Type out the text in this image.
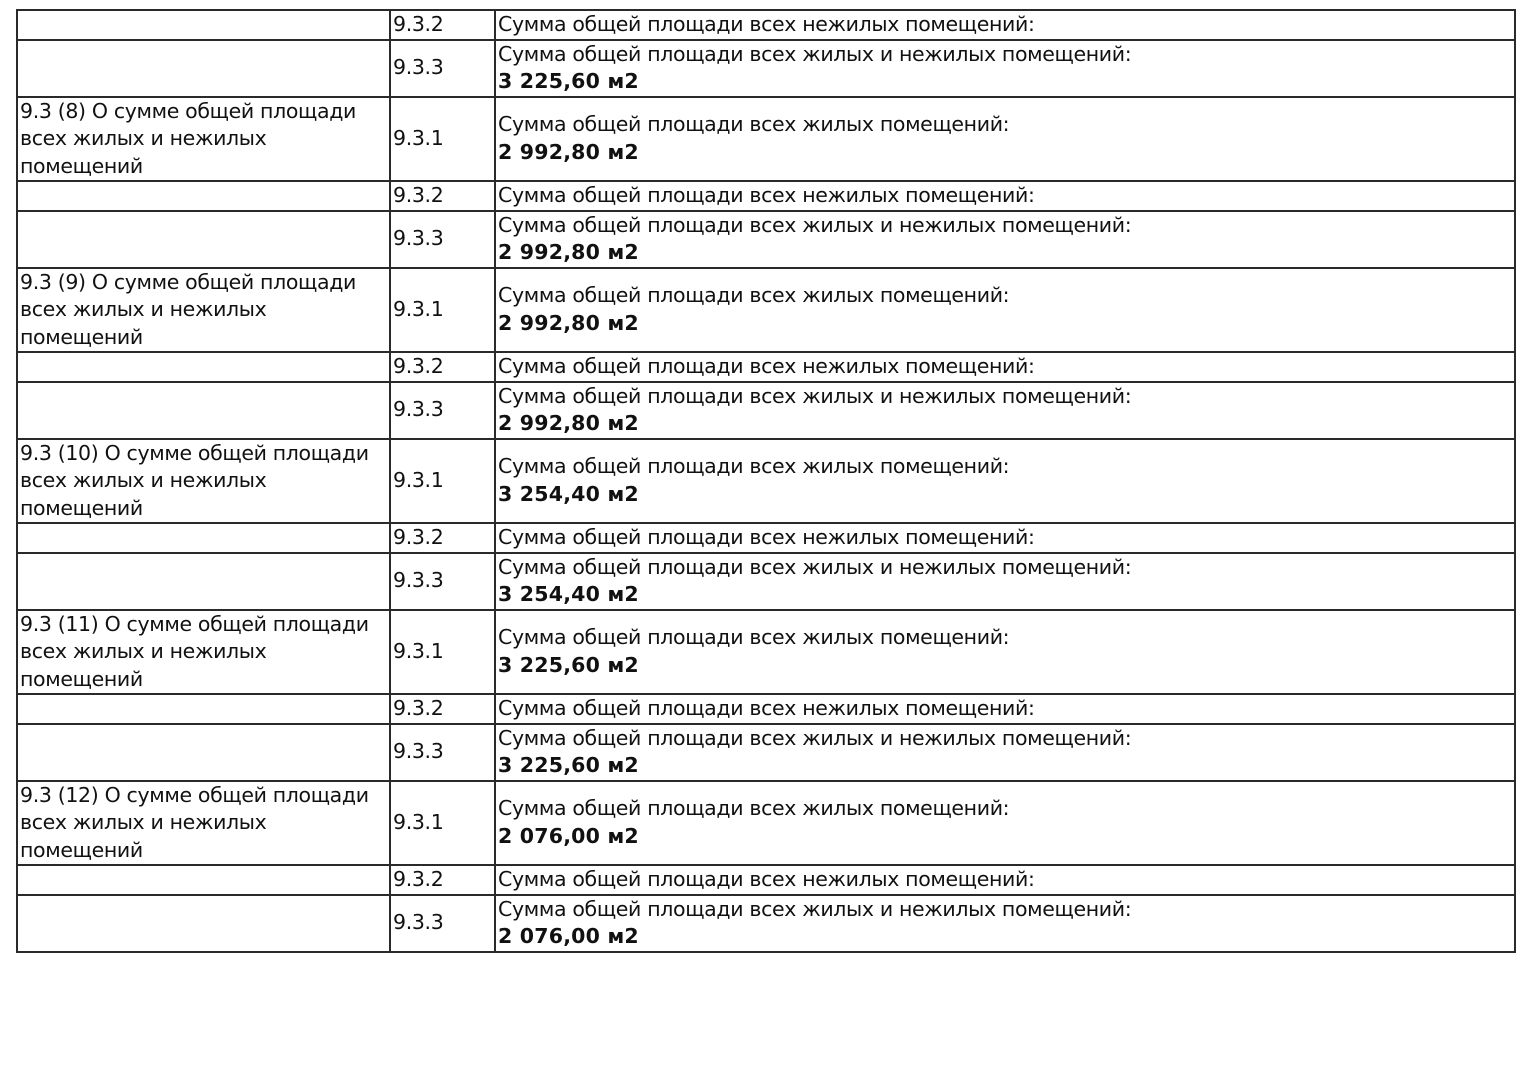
	9.3.2	Сумма общей площади всех нежилых помещений:
	9.3.3	Сумма общей площади всех жилых и нежилых помещений:
3 225,60 м2

9.3 (8) О сумме общей площади всех жилых и нежилых помещений	9.3.1	Сумма общей площади всех жилых помещений:
2 992,80 м2

	9.3.2	Сумма общей площади всех нежилых помещений:
	9.3.3	Сумма общей площади всех жилых и нежилых помещений:
2 992,80 м2

9.3 (9) О сумме общей площади всех жилых и нежилых помещений	9.3.1	Сумма общей площади всех жилых помещений:
2 992,80 м2

	9.3.2	Сумма общей площади всех нежилых помещений:
	9.3.3	Сумма общей площади всех жилых и нежилых помещений:
2 992,80 м2

9.3 (10) О сумме общей площади всех жилых и нежилых помещений	9.3.1	Сумма общей площади всех жилых помещений:
3 254,40 м2

	9.3.2	Сумма общей площади всех нежилых помещений:
	9.3.3	Сумма общей площади всех жилых и нежилых помещений:
3 254,40 м2

9.3 (11) О сумме общей площади всех жилых и нежилых помещений	9.3.1	Сумма общей площади всех жилых помещений:
3 225,60 м2

	9.3.2	Сумма общей площади всех нежилых помещений:
	9.3.3	Сумма общей площади всех жилых и нежилых помещений:
3 225,60 м2

9.3 (12) О сумме общей площади всех жилых и нежилых помещений	9.3.1	Сумма общей площади всех жилых помещений:
2 076,00 м2

	9.3.2	Сумма общей площади всех нежилых помещений:
	9.3.3	Сумма общей площади всех жилых и нежилых помещений:
2 076,00 м2
